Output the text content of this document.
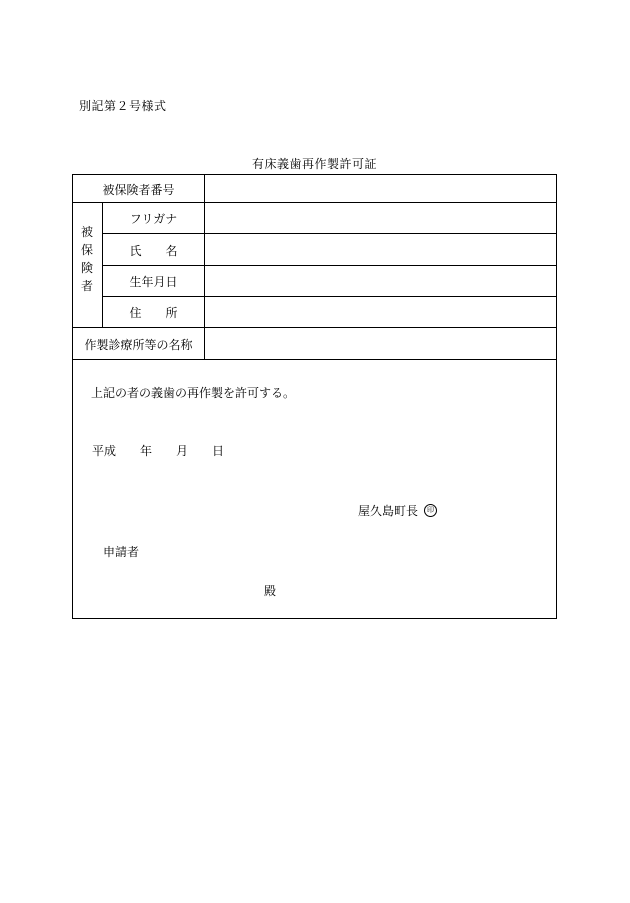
別記第２号様式
有床義歯再作製許可証
被保険者番号
被
保
険
者
フリガナ
氏　　名
生年月日
住　　所
作製診療所等の名称
上記の者の義歯の再作製を許可する。
平成　　年　　月　　日
屋久島町長 印
申請者
殿
